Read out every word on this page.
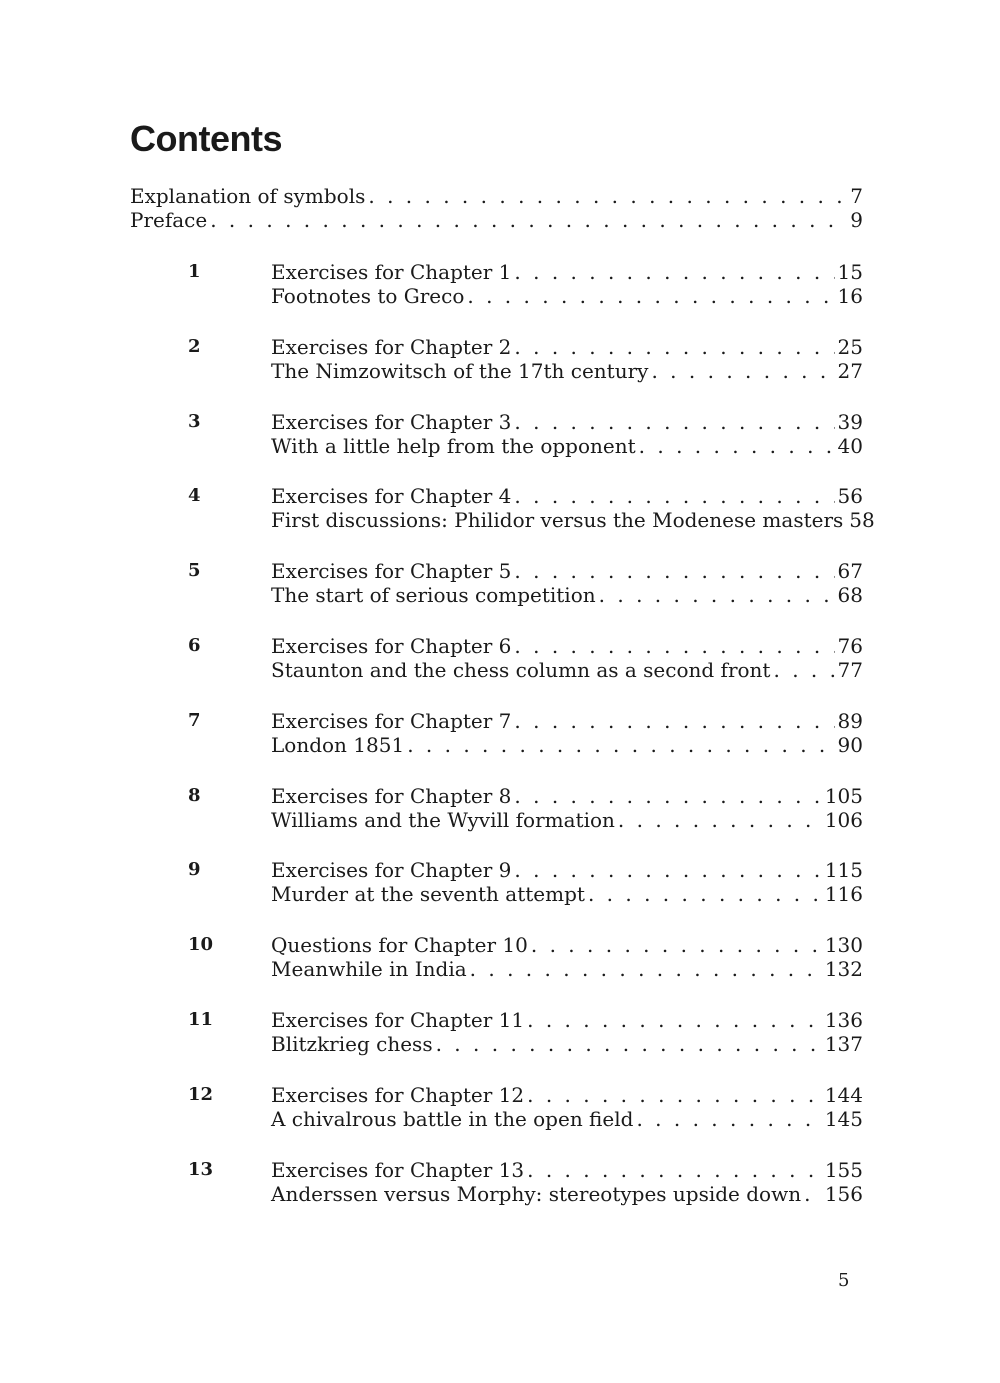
Contents
Explanation of symbols . . .	7
Preface . . .	9
1	Exercises for Chapter 1 . . .	15
Footnotes to Greco . . .	16
2	Exercises for Chapter 2 . . .	25
The Nimzowitsch of the 17th century . . .	27
3	Exercises for Chapter 3 . . .	39
With a little help from the opponent . . .	40
4	Exercises for Chapter 4 . . .	56
First discussions: Philidor versus the Modenese masters 58
5	Exercises for Chapter 5 . . .	67
The start of serious competition . . .	68
6	Exercises for Chapter 6 . . .	76
Staunton and the chess column as a second front . . .	77
7	Exercises for Chapter 7 . . .	89
London 1851 . . .	90
8	Exercises for Chapter 8 . . .	105
Williams and the Wyvill formation . . .	106
9	Exercises for Chapter 9 . . .	115
Murder at the seventh attempt . . .	116
10	Questions for Chapter 10 . . .	130
Meanwhile in India . . .	132
11	Exercises for Chapter 11 . . .	136
Blitzkrieg chess . . .	137
12	Exercises for Chapter 12 . . .	144
A chivalrous battle in the open field . . .	145
13	Exercises for Chapter 13 . . .	155
Anderssen versus Morphy: stereotypes upside down . . . 156
5
